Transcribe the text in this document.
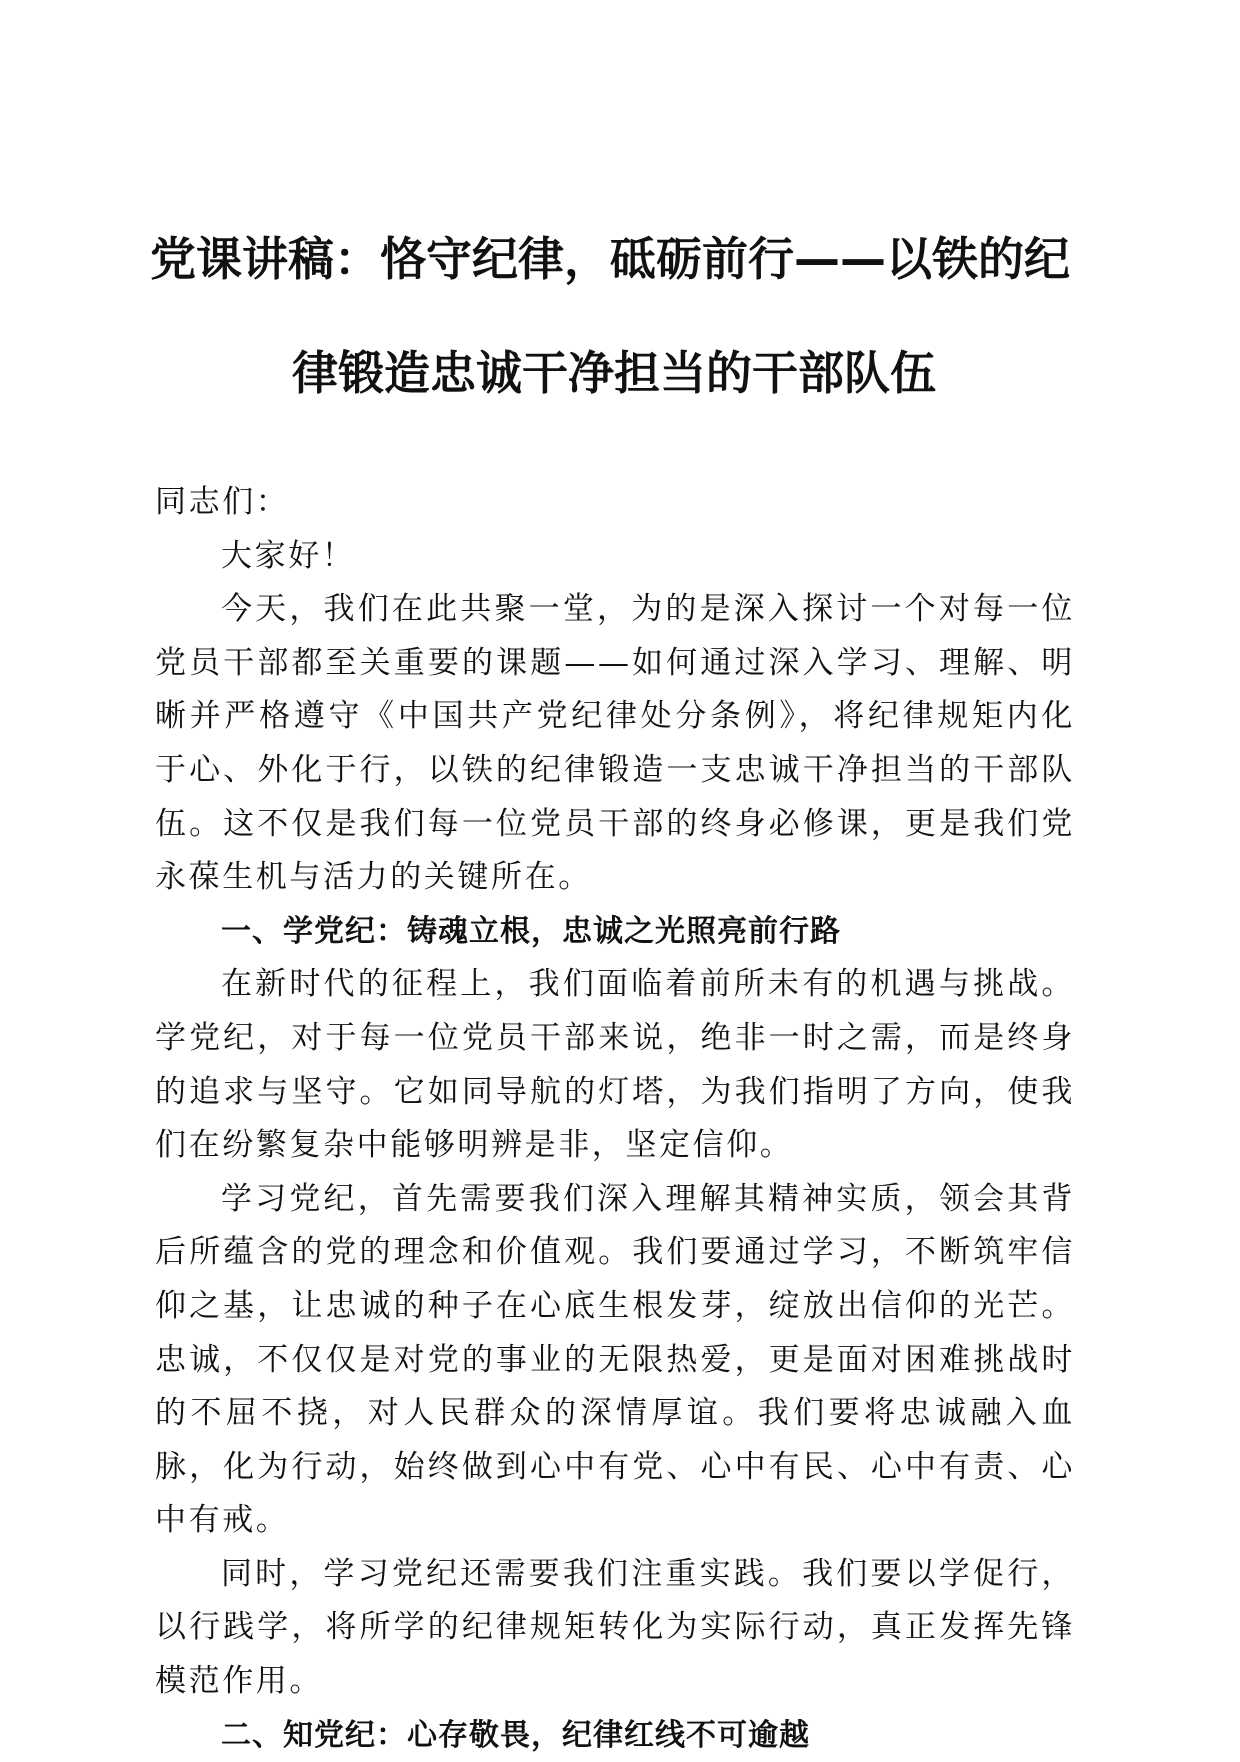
党课讲稿：恪守纪律，砥砺前行——以铁的纪
律锻造忠诚干净担当的干部队伍

同志们：

大家好！

今天，我们在此共聚一堂，为的是深入探讨一个对每一位党员干部都至关重要的课题——如何通过深入学习、理解、明晰并严格遵守《中国共产党纪律处分条例》，将纪律规矩内化于心、外化于行，以铁的纪律锻造一支忠诚干净担当的干部队伍。这不仅是我们每一位党员干部的终身必修课，更是我们党永葆生机与活力的关键所在。

一、学党纪：铸魂立根，忠诚之光照亮前行路

在新时代的征程上，我们面临着前所未有的机遇与挑战。学党纪，对于每一位党员干部来说，绝非一时之需，而是终身的追求与坚守。它如同导航的灯塔，为我们指明了方向，使我们在纷繁复杂中能够明辨是非，坚定信仰。

学习党纪，首先需要我们深入理解其精神实质，领会其背后所蕴含的党的理念和价值观。我们要通过学习，不断筑牢信仰之基，让忠诚的种子在心底生根发芽，绽放出信仰的光芒。忠诚，不仅仅是对党的事业的无限热爱，更是面对困难挑战时的不屈不挠，对人民群众的深情厚谊。我们要将忠诚融入血脉，化为行动，始终做到心中有党、心中有民、心中有责、心中有戒。

同时，学习党纪还需要我们注重实践。我们要以学促行，以行践学，将所学的纪律规矩转化为实际行动，真正发挥先锋模范作用。

二、知党纪：心存敬畏，纪律红线不可逾越
